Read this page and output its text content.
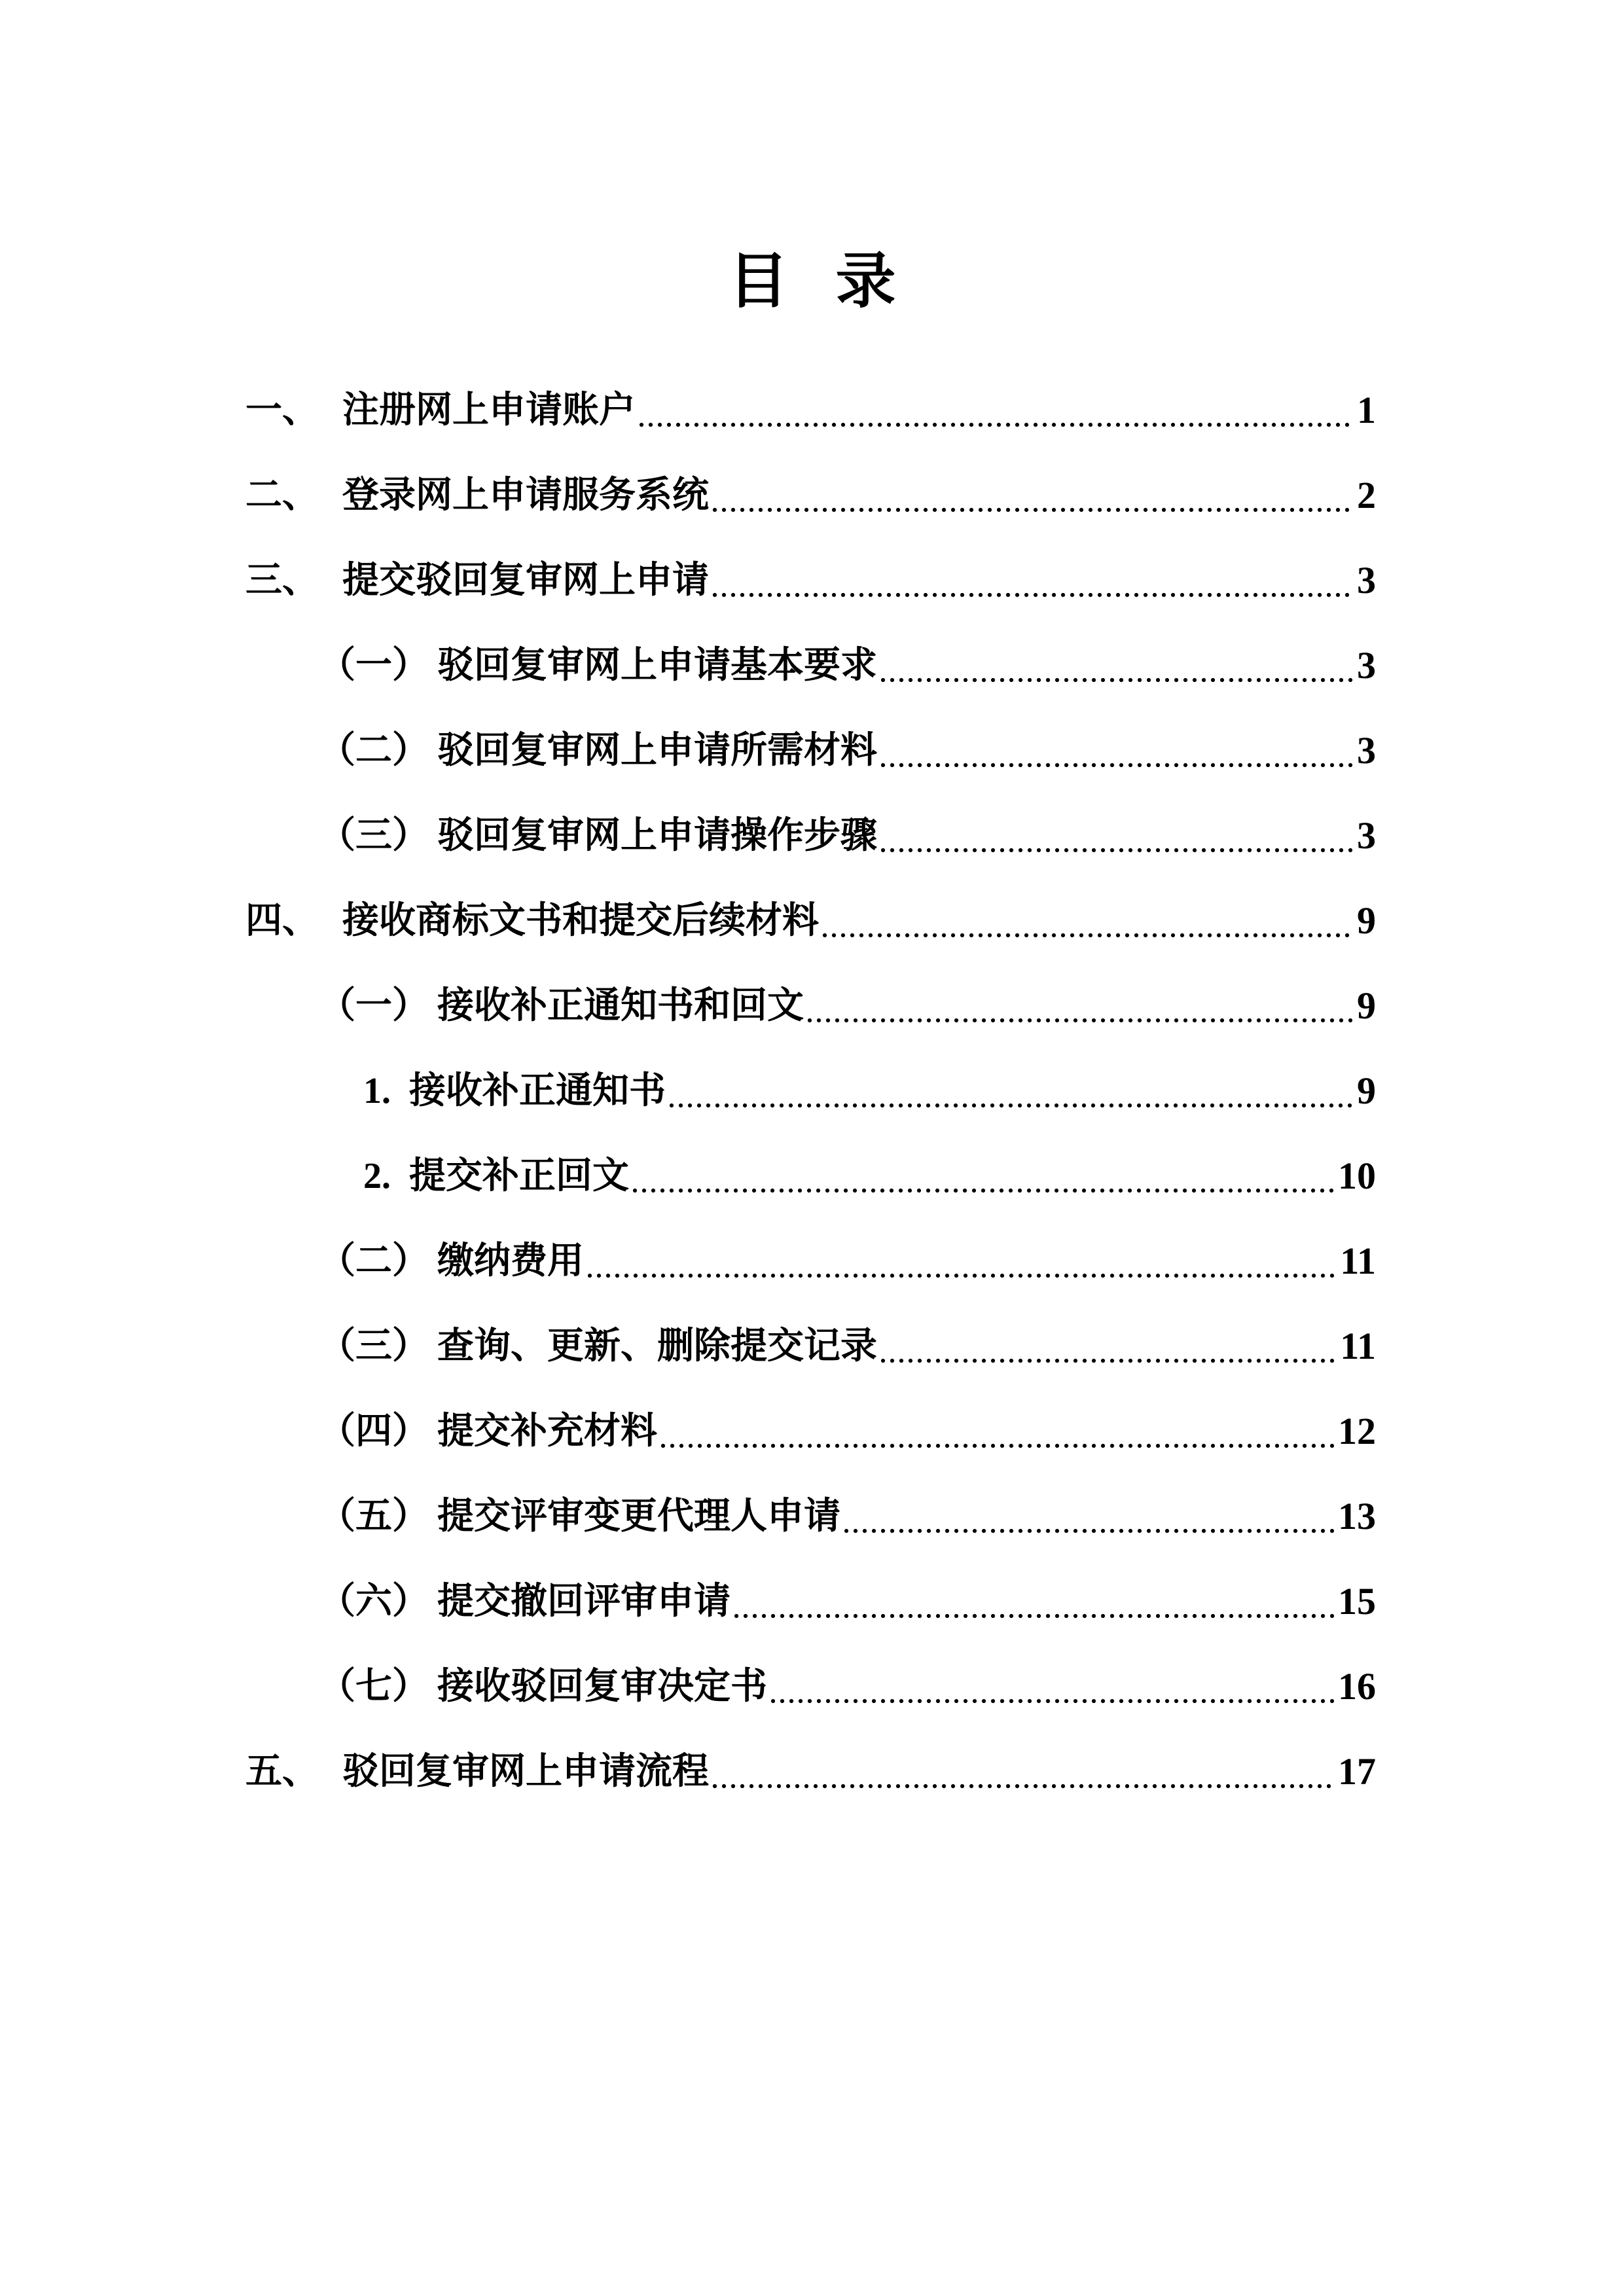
目 录
一、 注册网上申请账户	1
二、 登录网上申请服务系统	2
三、 提交驳回复审网上申请	3
（一） 驳回复审网上申请基本要求	3
（二） 驳回复审网上申请所需材料	3
（三） 驳回复审网上申请操作步骤	3
四、 接收商标文书和提交后续材料	9
（一） 接收补正通知书和回文	9
1. 接收补正通知书	9
2. 提交补正回文	10
（二） 缴纳费用	11
（三） 查询、更新、删除提交记录	11
（四） 提交补充材料	12
（五） 提交评审变更代理人申请	13
（六） 提交撤回评审申请	15
（七） 接收驳回复审决定书	16
五、 驳回复审网上申请流程	17
